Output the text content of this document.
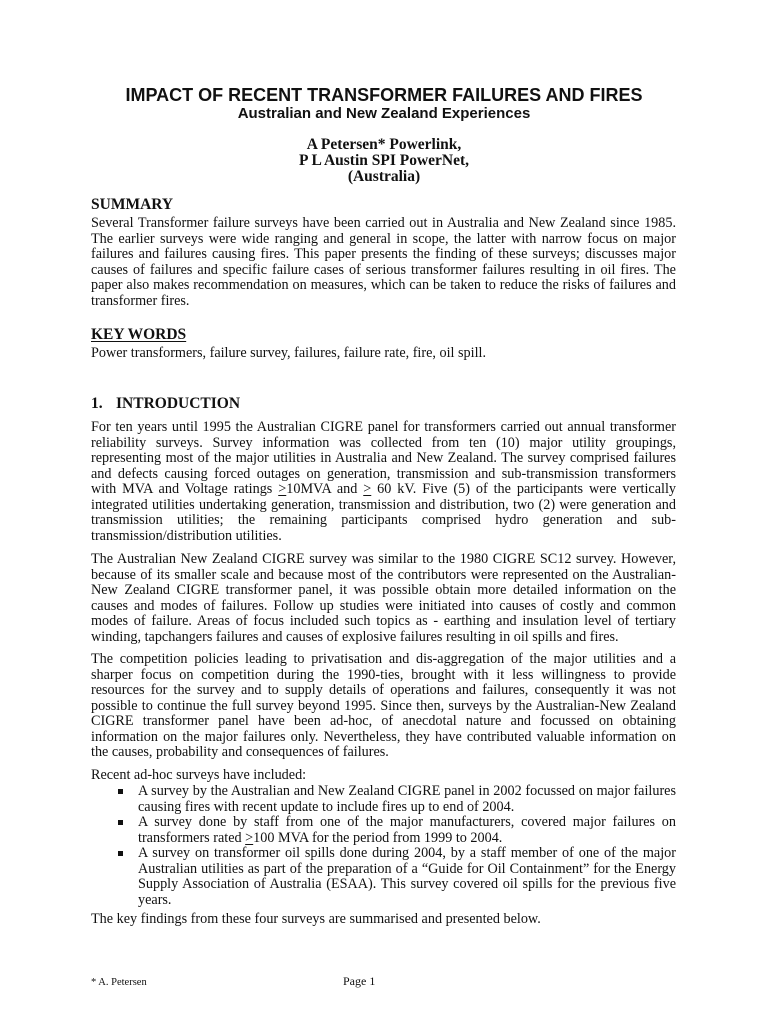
IMPACT OF RECENT TRANSFORMER FAILURES AND FIRES
Australian and New Zealand Experiences
A Petersen* Powerlink,
P L Austin SPI PowerNet,
(Australia)
SUMMARY
Several Transformer failure surveys have been carried out in Australia and New Zealand since 1985.
The earlier surveys were wide ranging and general in scope, the latter with narrow focus on major
failures and failures causing fires. This paper presents the finding of these surveys; discusses major
causes of failures and specific failure cases of serious transformer failures resulting in oil fires. The
paper also makes recommendation on measures, which can be taken to reduce the risks of failures and
transformer fires.
KEY WORDS
Power transformers, failure survey, failures, failure rate, fire, oil spill.
1. INTRODUCTION
For ten years until 1995 the Australian CIGRE panel for transformers carried out annual transformer
reliability surveys. Survey information was collected from ten (10) major utility groupings,
representing most of the major utilities in Australia and New Zealand. The survey comprised failures
and defects causing forced outages on generation, transmission and sub-transmission transformers
with MVA and Voltage ratings ≥10MVA and ≥ 60 kV. Five (5) of the participants were vertically
integrated utilities undertaking generation, transmission and distribution, two (2) were generation and
transmission utilities; the remaining participants comprised hydro generation and sub-
transmission/distribution utilities.
The Australian New Zealand CIGRE survey was similar to the 1980 CIGRE SC12 survey. However,
because of its smaller scale and because most of the contributors were represented on the Australian-
New Zealand CIGRE transformer panel, it was possible obtain more detailed information on the
causes and modes of failures. Follow up studies were initiated into causes of costly and common
modes of failure. Areas of focus included such topics as - earthing and insulation level of tertiary
winding, tapchangers failures and causes of explosive failures resulting in oil spills and fires.
The competition policies leading to privatisation and dis-aggregation of the major utilities and a
sharper focus on competition during the 1990-ties, brought with it less willingness to provide
resources for the survey and to supply details of operations and failures, consequently it was not
possible to continue the full survey beyond 1995. Since then, surveys by the Australian-New Zealand
CIGRE transformer panel have been ad-hoc, of anecdotal nature and focussed on obtaining
information on the major failures only. Nevertheless, they have contributed valuable information on
the causes, probability and consequences of failures.
Recent ad-hoc surveys have included:
A survey by the Australian and New Zealand CIGRE panel in 2002 focussed on major failures
causing fires with recent update to include fires up to end of 2004.
A survey done by staff from one of the major manufacturers, covered major failures on
transformers rated ≥100 MVA for the period from 1999 to 2004.
A survey on transformer oil spills done during 2004, by a staff member of one of the major
Australian utilities as part of the preparation of a “Guide for Oil Containment” for the Energy
Supply Association of Australia (ESAA). This survey covered oil spills for the previous five
years.
The key findings from these four surveys are summarised and presented below.
* A. Petersen	Page 1
